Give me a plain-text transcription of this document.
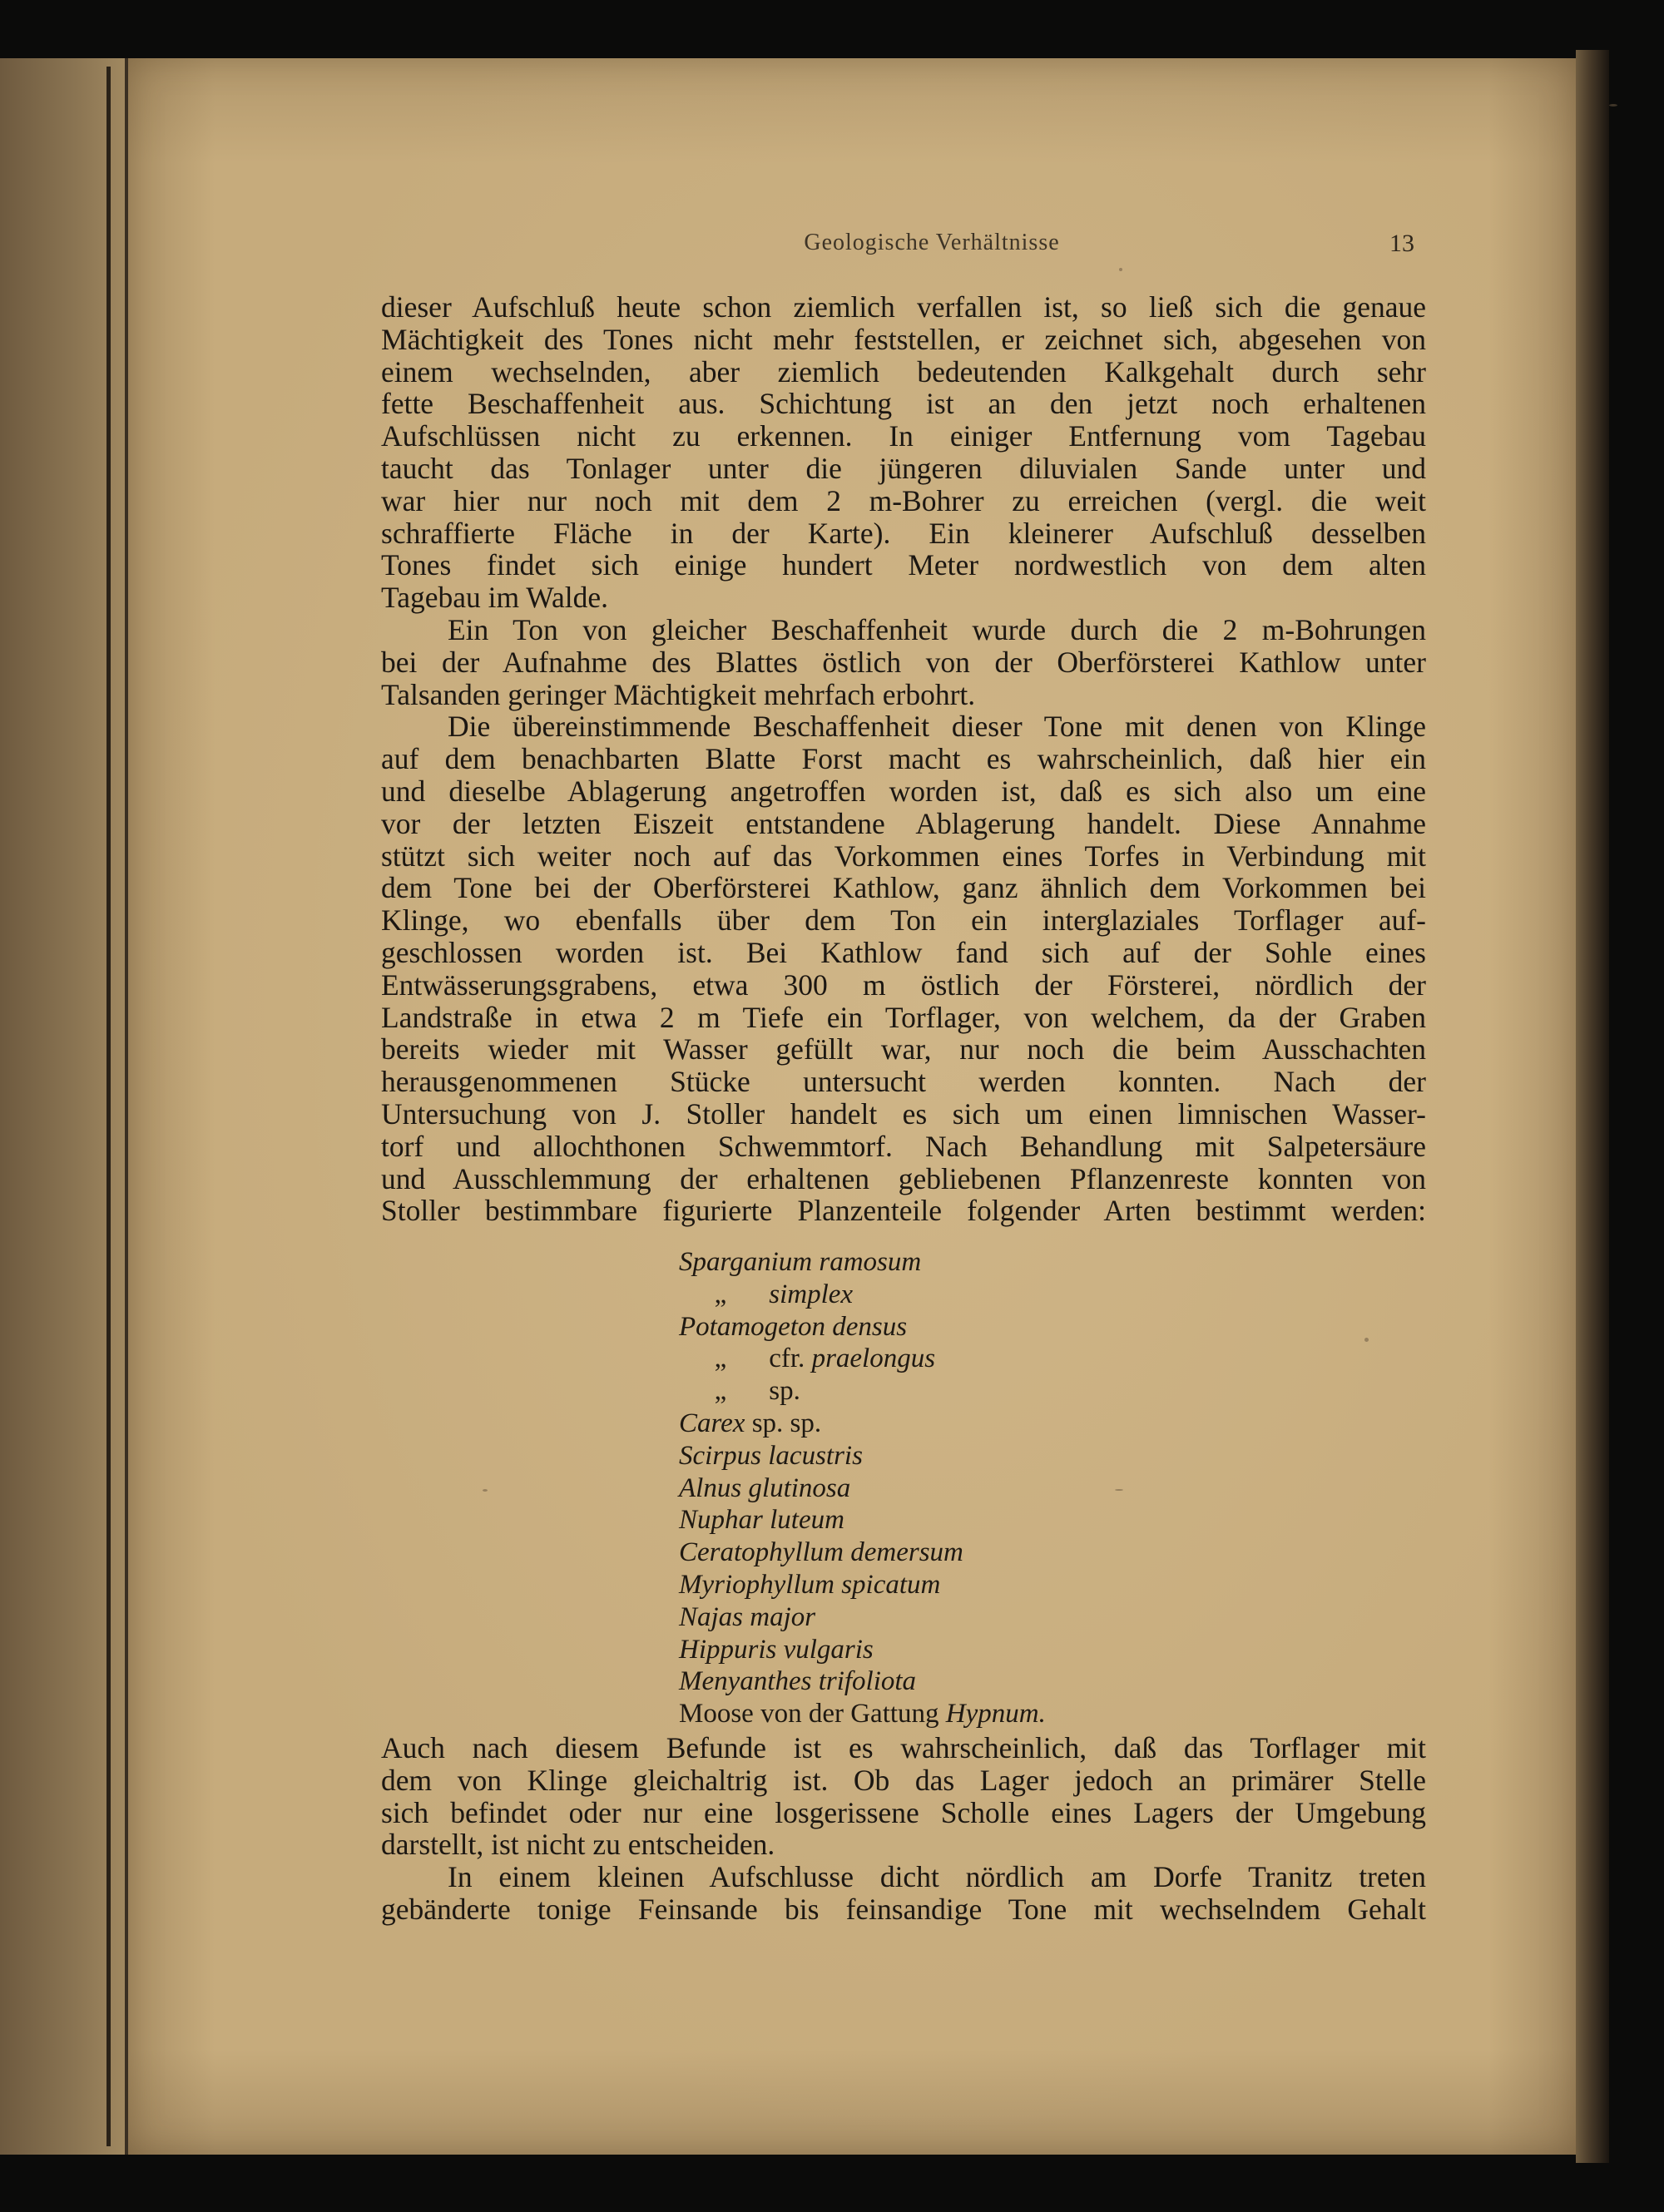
Geologische Verhältnisse	13
dieser Aufschluß heute schon ziemlich verfallen ist, so ließ sich die genaue
Mächtigkeit des Tones nicht mehr feststellen, er zeichnet sich, abgesehen von
einem wechselnden, aber ziemlich bedeutenden Kalkgehalt durch sehr
fette Beschaffenheit aus. Schichtung ist an den jetzt noch erhaltenen
Aufschlüssen nicht zu erkennen. In einiger Entfernung vom Tagebau
taucht das Tonlager unter die jüngeren diluvialen Sande unter und
war hier nur noch mit dem 2 m-Bohrer zu erreichen (vergl. die weit
schraffierte Fläche in der Karte). Ein kleinerer Aufschluß desselben
Tones findet sich einige hundert Meter nordwestlich von dem alten
Tagebau im Walde.
Ein Ton von gleicher Beschaffenheit wurde durch die 2 m-Bohrungen
bei der Aufnahme des Blattes östlich von der Oberförsterei Kathlow unter
Talsanden geringer Mächtigkeit mehrfach erbohrt.
Die übereinstimmende Beschaffenheit dieser Tone mit denen von Klinge
auf dem benachbarten Blatte Forst macht es wahrscheinlich, daß hier ein
und dieselbe Ablagerung angetroffen worden ist, daß es sich also um eine
vor der letzten Eiszeit entstandene Ablagerung handelt. Diese Annahme
stützt sich weiter noch auf das Vorkommen eines Torfes in Verbindung mit
dem Tone bei der Oberförsterei Kathlow, ganz ähnlich dem Vorkommen bei
Klinge, wo ebenfalls über dem Ton ein interglaziales Torflager auf-
geschlossen worden ist. Bei Kathlow fand sich auf der Sohle eines
Entwässerungsgrabens, etwa 300 m östlich der Försterei, nördlich der
Landstraße in etwa 2 m Tiefe ein Torflager, von welchem, da der Graben
bereits wieder mit Wasser gefüllt war, nur noch die beim Ausschachten
herausgenommenen Stücke untersucht werden konnten. Nach der
Untersuchung von J. Stoller handelt es sich um einen limnischen Wasser-
torf und allochthonen Schwemmtorf. Nach Behandlung mit Salpetersäure
und Ausschlemmung der erhaltenen gebliebenen Pflanzenreste konnten von
Stoller bestimmbare figurierte Planzenteile folgender Arten bestimmt werden:
Sparganium ramosum
„ simplex
Potamogeton densus
„ cfr. praelongus
„ sp.
Carex sp. sp.
Scirpus lacustris
Alnus glutinosa
Nuphar luteum
Ceratophyllum demersum
Myriophyllum spicatum
Najas major
Hippuris vulgaris
Menyanthes trifoliota
Moose von der Gattung Hypnum.
Auch nach diesem Befunde ist es wahrscheinlich, daß das Torflager mit
dem von Klinge gleichaltrig ist. Ob das Lager jedoch an primärer Stelle
sich befindet oder nur eine losgerissene Scholle eines Lagers der Umgebung
darstellt, ist nicht zu entscheiden.
In einem kleinen Aufschlusse dicht nördlich am Dorfe Tranitz treten
gebänderte tonige Feinsande bis feinsandige Tone mit wechselndem Gehalt
